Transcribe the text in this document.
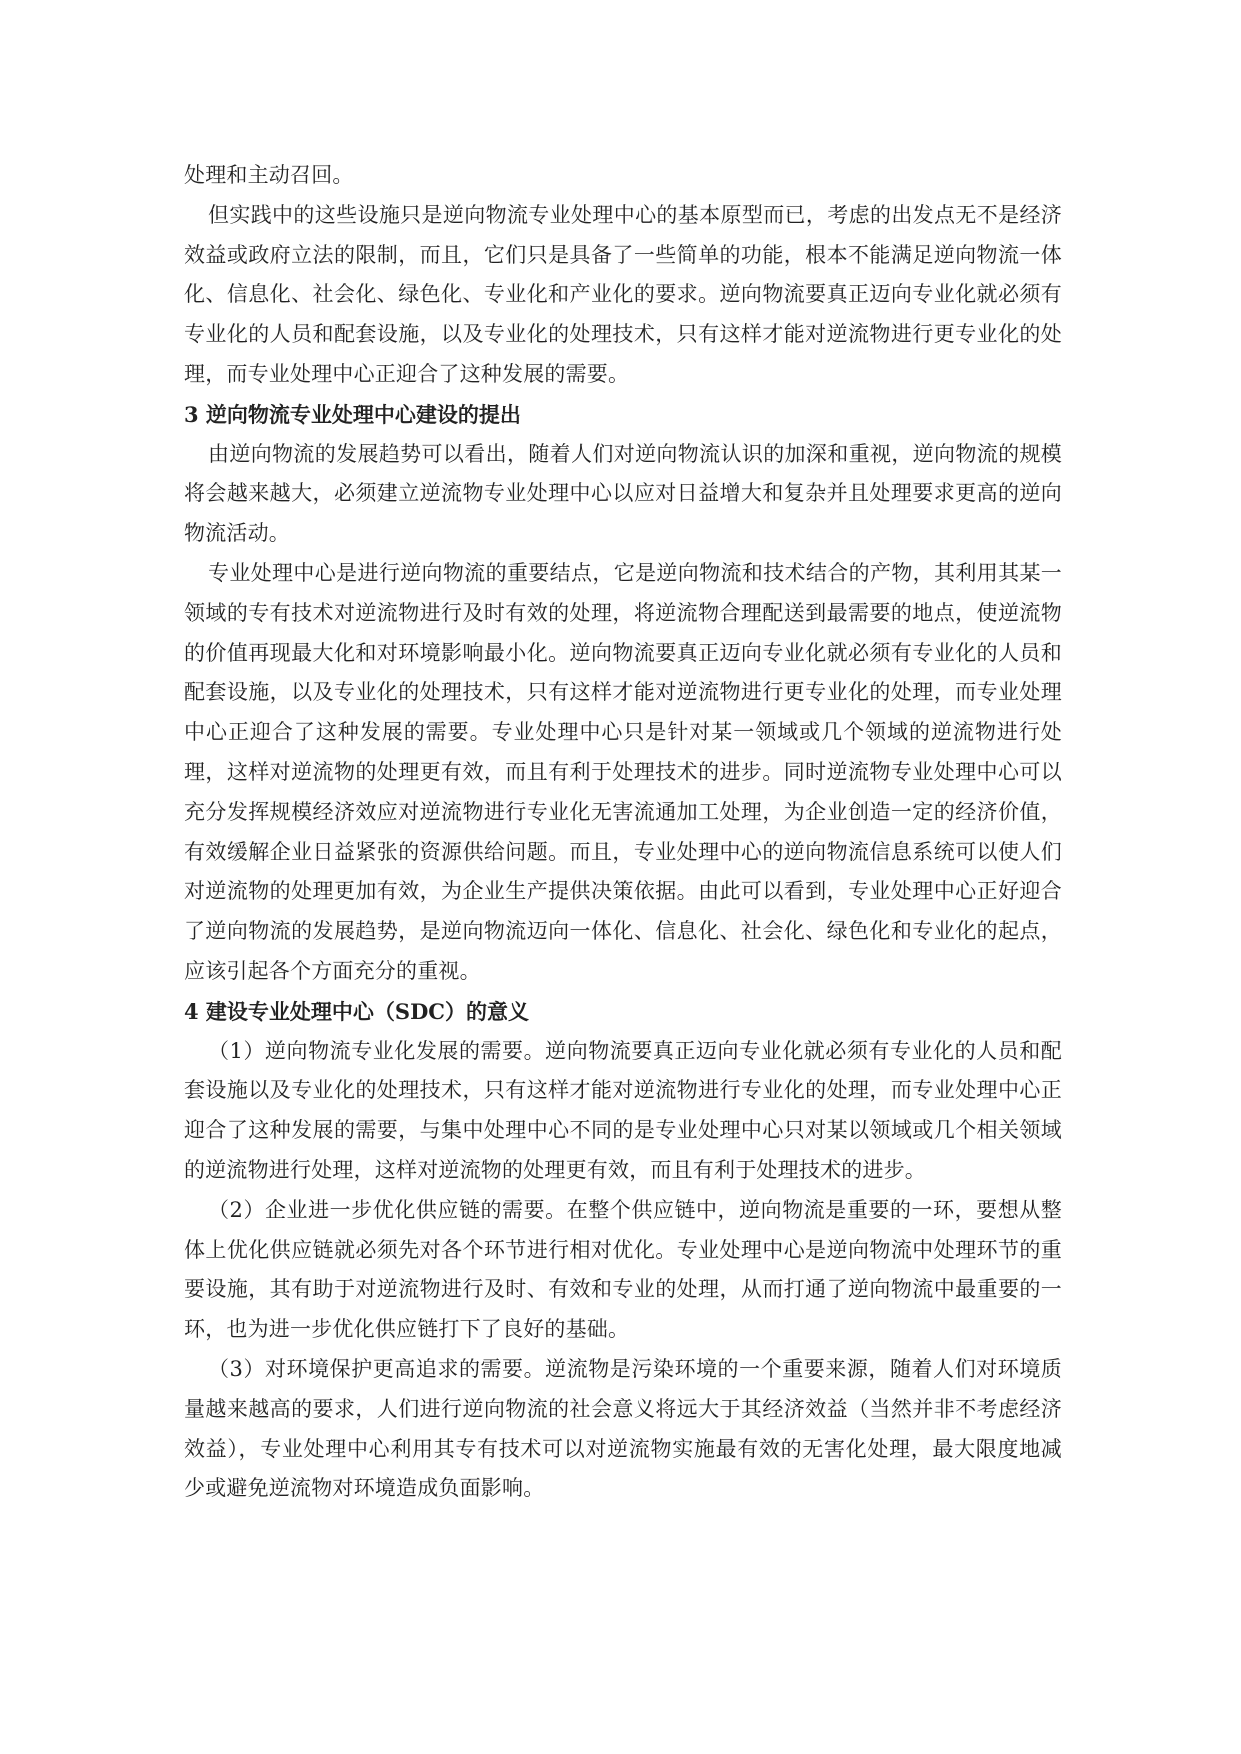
处理和主动召回。

但实践中的这些设施只是逆向物流专业处理中心的基本原型而已，考虑的出发点无不是经济效益或政府立法的限制，而且，它们只是具备了一些简单的功能，根本不能满足逆向物流一体化、信息化、社会化、绿色化、专业化和产业化的要求。逆向物流要真正迈向专业化就必须有专业化的人员和配套设施，以及专业化的处理技术，只有这样才能对逆流物进行更专业化的处理，而专业处理中心正迎合了这种发展的需要。

3 逆向物流专业处理中心建设的提出

由逆向物流的发展趋势可以看出，随着人们对逆向物流认识的加深和重视，逆向物流的规模将会越来越大，必须建立逆流物专业处理中心以应对日益增大和复杂并且处理要求更高的逆向物流活动。

专业处理中心是进行逆向物流的重要结点，它是逆向物流和技术结合的产物，其利用其某一领域的专有技术对逆流物进行及时有效的处理，将逆流物合理配送到最需要的地点，使逆流物的价值再现最大化和对环境影响最小化。逆向物流要真正迈向专业化就必须有专业化的人员和配套设施，以及专业化的处理技术，只有这样才能对逆流物进行更专业化的处理，而专业处理中心正迎合了这种发展的需要。专业处理中心只是针对某一领域或几个领域的逆流物进行处理，这样对逆流物的处理更有效，而且有利于处理技术的进步。同时逆流物专业处理中心可以充分发挥规模经济效应对逆流物进行专业化无害流通加工处理，为企业创造一定的经济价值，有效缓解企业日益紧张的资源供给问题。而且，专业处理中心的逆向物流信息系统可以使人们对逆流物的处理更加有效，为企业生产提供决策依据。由此可以看到，专业处理中心正好迎合了逆向物流的发展趋势，是逆向物流迈向一体化、信息化、社会化、绿色化和专业化的起点，应该引起各个方面充分的重视。

4 建设专业处理中心（SDC）的意义

（1）逆向物流专业化发展的需要。逆向物流要真正迈向专业化就必须有专业化的人员和配套设施以及专业化的处理技术，只有这样才能对逆流物进行专业化的处理，而专业处理中心正迎合了这种发展的需要，与集中处理中心不同的是专业处理中心只对某以领域或几个相关领域的逆流物进行处理，这样对逆流物的处理更有效，而且有利于处理技术的进步。

（2）企业进一步优化供应链的需要。在整个供应链中，逆向物流是重要的一环，要想从整体上优化供应链就必须先对各个环节进行相对优化。专业处理中心是逆向物流中处理环节的重要设施，其有助于对逆流物进行及时、有效和专业的处理，从而打通了逆向物流中最重要的一环，也为进一步优化供应链打下了良好的基础。

（3）对环境保护更高追求的需要。逆流物是污染环境的一个重要来源，随着人们对环境质量越来越高的要求，人们进行逆向物流的社会意义将远大于其经济效益（当然并非不考虑经济效益），专业处理中心利用其专有技术可以对逆流物实施最有效的无害化处理，最大限度地减少或避免逆流物对环境造成负面影响。
